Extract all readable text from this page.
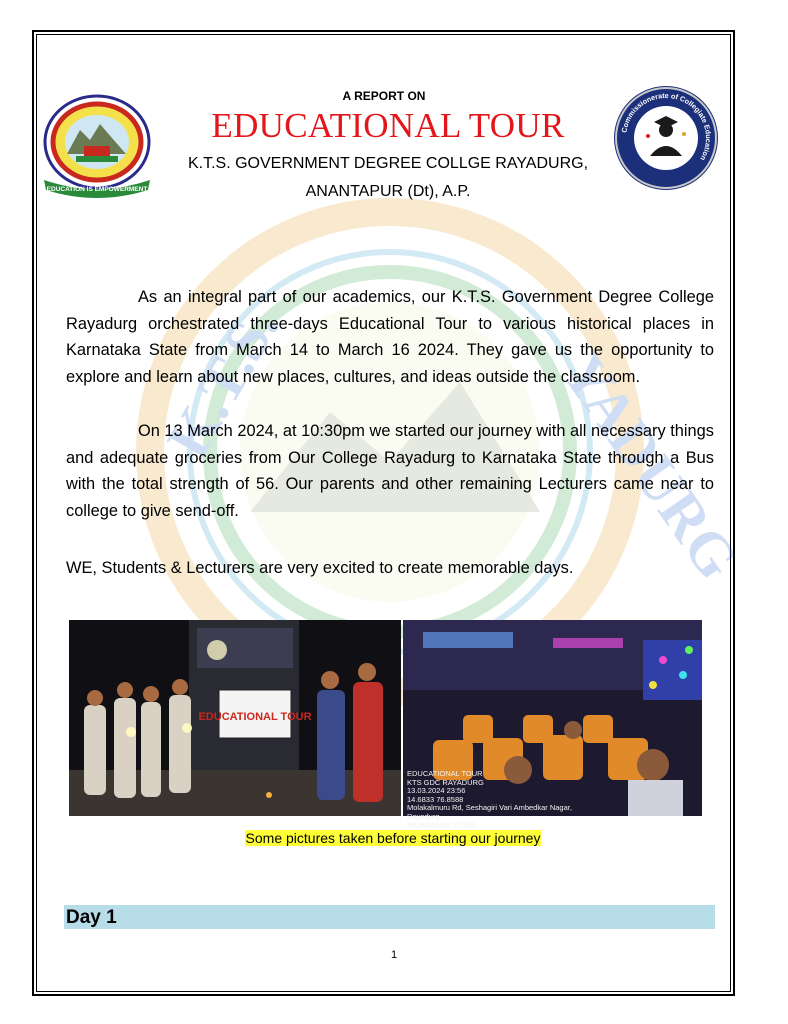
K.T.S.	YADURG
EDUCATION IS EMPOWERMENT
Commissionerate of Collegiate Education
A REPORT ON
EDUCATIONAL TOUR
K.T.S. GOVERNMENT DEGREE COLLGE RAYADURG,
ANANTAPUR (Dt), A.P.

As an integral part of our academics, our K.T.S. Government Degree College Rayadurg orchestrated three-days Educational Tour to various historical places in Karnataka State from March 14 to March 16 2024. They gave us the opportunity to explore and learn about new places, cultures, and ideas outside the classroom.

On 13 March 2024, at 10:30pm we started our journey with all necessary things and adequate groceries from Our College Rayadurg to Karnataka State through a Bus with the total strength of 56. Our parents and other remaining Lecturers came near to college to give send-off.

WE, Students & Lecturers are very excited to create memorable days.

EDUCATIONAL TOUR
EDUCATIONAL TOUR
KTS GDC RAYADURG
13.03.2024 23:56
14.6833 76.8588
Molakalmuru Rd, Seshagiri Vari Ambedkar Nagar, Rayadurg,
Rayadurgam 515865
Some pictures taken before starting our journey
Day 1
1
